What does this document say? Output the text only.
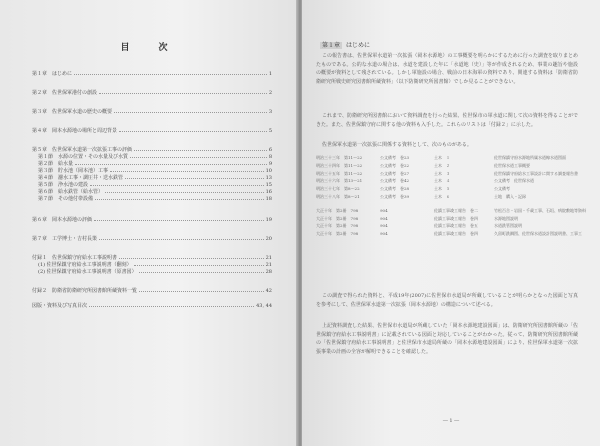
目　次
第１章　はじめに	1
第２章　佐世保軍港付の創設	2
第３章　佐世保軍水道の歴史の概要	3
第４章　岡本水源地の場所と周辺背景	5
第５章　佐世保軍水道第一次拡張工事の評価	6
第１節　水源の位置・その水量及び水質	8
第２節　給水量	9
第３節　貯水池（岡本池）工事	10
第４節　濾水工事・調圧井・送水鉄管	13
第５節　浄水池の建設	15
第６節　給水鉄管（給水管）	16
第７節　その他付帯設備	18
第６章　岡本水源地の評価	19
第７章　工学博士・吉村長策	20
付録１　佐世保鎮守府給水工事説明書	21
(1) 佐世保鎮守府給水工事説明書（翻刻）	21
(2) 佐世保鎮守府給水工事説明書（原書図）	28
付録２　防衛省防衛研究所図書館所蔵資料一覧	42
図版・資料及び写真目次	43, 44
第１章 はじめに
この報告書は、佐世保軍水道第一次拡張（岡本水源地）の工事概要を明らかにするために行った調査を取りまとめたものである。公的な水道の場合は、水道を建設した年に「水道地（史）」等が作成されるため、事業の趣旨や施設の概要が資料として残されている。しかし軍施設の場合、戦前の日本海軍の資料であり、関連する資料は「防衛省防衛研究所戦史研究図書館所蔵資料」（以下防衛研究所図書館）でしか見ることができない。
これまで、防衛研究所図書館において資料調査を行った結果、佐世保市の軍水道に関して次の資料を得ることができた。また、佐世保鎮守府に関する他の資料も入手した。これらのリストは「付録２」に示した。
佐世保軍水道第一次拡張に関係する資料として、次のものがある。
明治三十三年　第11〜22	公文備考　巻23	土木　１	佐世保鎮守府水源地所属水道線水道図面
明治三十四年　第11〜22	公文備考　巻22	土木　２	佐世保水道工事概要
明治三十五年　第11〜22	公文備考　巻27	土木　３	佐世保鎮守府給水工事設計に関する調査報告書
明治三十六年　第13〜21	公文備考　巻42	土木　４	公文備考　佐世保水道
明治三十七年　第8〜22	公文備考　巻28	土木　５	公文備考
明治三十八年　第8〜21	公文備考　巻39	土木　６	土地　購入・記録
大正十年　第2冊　798	904	佐鎮工事竣工報告　巻二	竹松百合・岩国・千歳工事、石垣、病院敷地等資料
大正十年　第2冊　798	904	佐鎮工事竣工報告　巻四	水源地図説明
大正十年　第2冊　798	904	佐鎮工事竣工報告　巻五	水道鉄管図説明
大正十年　第2冊　798	904	佐鎮工事竣工報告　巻四	久留町鉄鋼図、佐世保水道設計図説明書、工事工
この調査で得られた資料と、平成19年(2007)に佐世保市水道局が所蔵していることが明らかとなった図面と写真を参考にして、佐世保軍水道第一次拡張（岡本水源地）の構造について述べる。
上記資料調査した結果、佐世保市水道局が所蔵していた「岡本水源地建設図面」は、防衛研究所図書館所蔵の「佐世保鎮守府給水工事説明書」に記載されている図面と対応していることがわかった。従って、防衛研究所図書館所蔵の「佐世保鎮守府給水工事説明書」と佐世保市水道局所蔵の「岡本水源地建設図面」により、佐世保軍水道第一次拡張事業の計画の全容が解明できることを確認した。
― 1 ―
